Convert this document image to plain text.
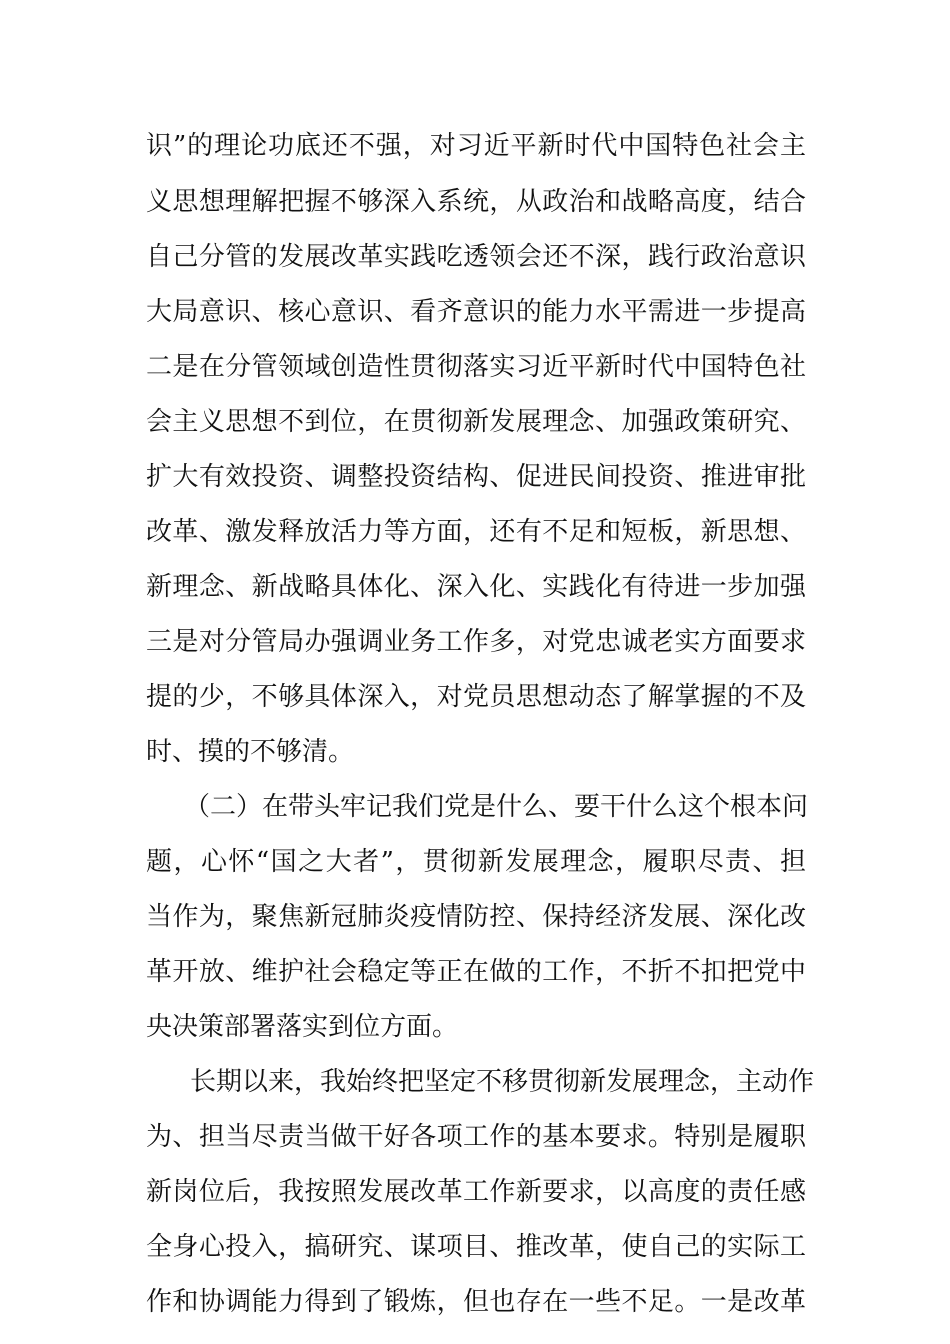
识”的理论功底还不强，对习近平新时代中国特色社会主
义思想理解把握不够深入系统，从政治和战略高度，结合
自己分管的发展改革实践吃透领会还不深，践行政治意识
大局意识、核心意识、看齐意识的能力水平需进一步提高
二是在分管领域创造性贯彻落实习近平新时代中国特色社
会主义思想不到位，在贯彻新发展理念、加强政策研究、
扩大有效投资、调整投资结构、促进民间投资、推进审批
改革、激发释放活力等方面，还有不足和短板，新思想、
新理念、新战略具体化、深入化、实践化有待进一步加强
三是对分管局办强调业务工作多，对党忠诚老实方面要求
提的少，不够具体深入，对党员思想动态了解掌握的不及
时、摸的不够清。
（二）在带头牢记我们党是什么、要干什么这个根本问
题，心怀“国之大者”，贯彻新发展理念，履职尽责、担
当作为，聚焦新冠肺炎疫情防控、保持经济发展、深化改
革开放、维护社会稳定等正在做的工作，不折不扣把党中
央决策部署落实到位方面。
长期以来，我始终把坚定不移贯彻新发展理念，主动作
为、担当尽责当做干好各项工作的基本要求。特别是履职
新岗位后，我按照发展改革工作新要求，以高度的责任感
全身心投入，搞研究、谋项目、推改革，使自己的实际工
作和协调能力得到了锻炼，但也存在一些不足。一是改革
